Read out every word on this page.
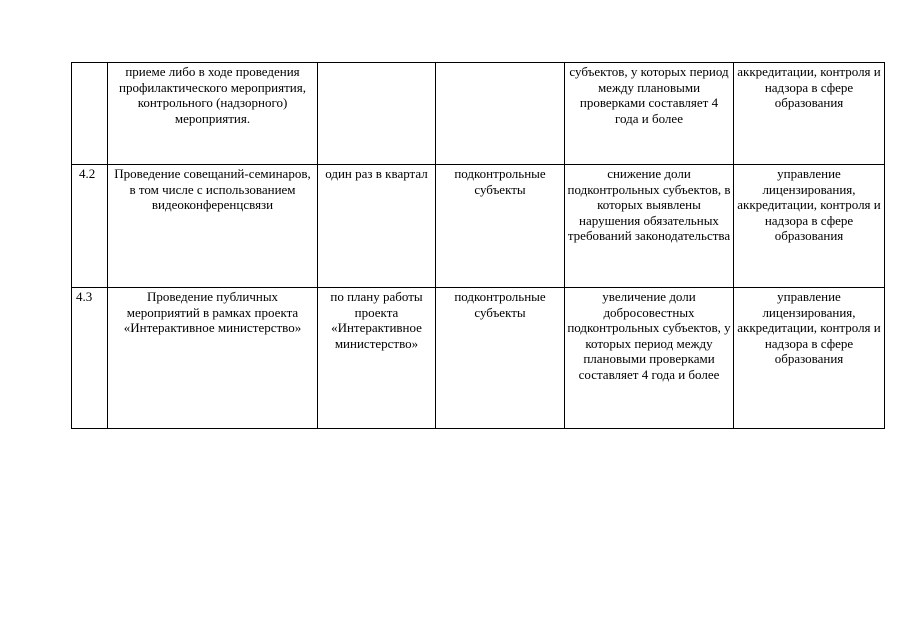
	приеме либо в ходе проведения профилактического мероприятия, контрольного (надзорного) мероприятия.			субъектов, у которых период между плановыми проверками составляет 4 года и более	аккредитации, контроля и надзора в сфере образования

4.2	Проведение совещаний-семинаров, в том числе с использованием видеоконференцсвязи	один раз в квартал	подконтрольные субъекты	снижение доли подконтрольных субъектов, в которых выявлены нарушения обязательных требований законодательства	управление лицензирования, аккредитации, контроля и надзора в сфере образования

4.3	Проведение публичных мероприятий в рамках проекта «Интерактивное министерство»	по плану работы проекта «Интерактивное министерство»	подконтрольные субъекты	увеличение доли добросовестных подконтрольных субъектов, у которых период между плановыми проверками составляет 4 года и более	управление лицензирования, аккредитации, контроля и надзора в сфере образования
